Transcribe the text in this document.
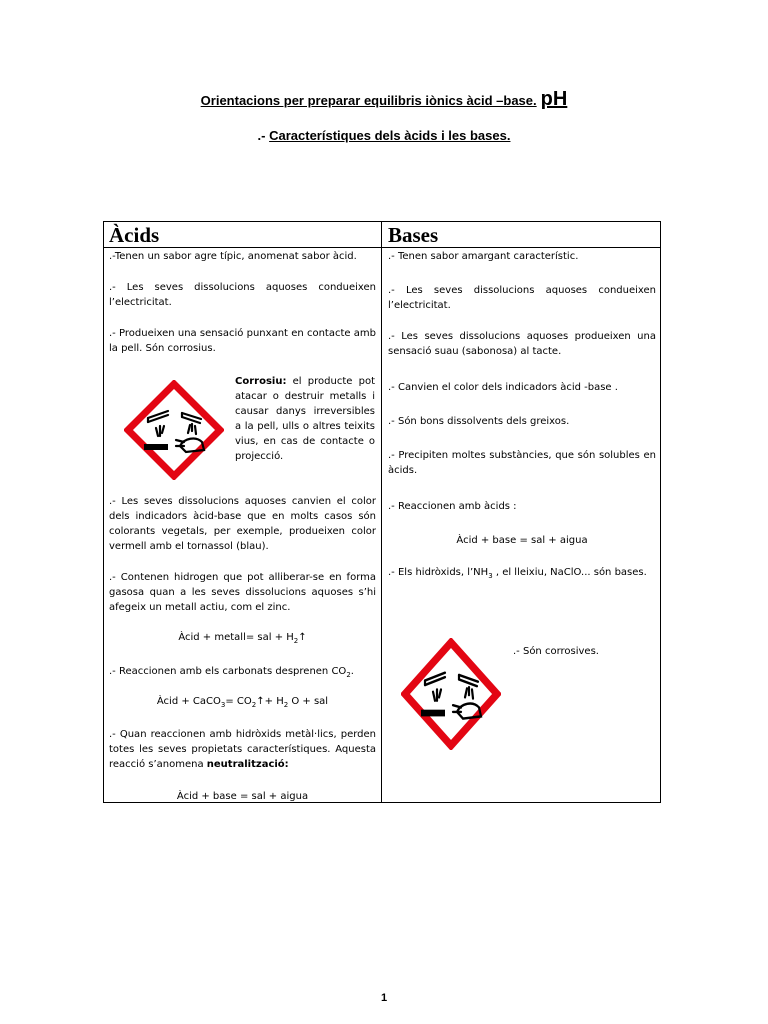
Orientacions per preparar equilibris iònics àcid –base. pH
.- Característiques dels àcids i les bases.
Àcids	Bases
.-Tenen un sabor agre típic, anomenat sabor àcid.
.- Les seves dissolucions aquoses condueixen l’electricitat.
.- Produeixen una sensació punxant en contacte amb la pell. Són corrosius.
Corrosiu: el producte pot atacar o destruir metalls i causar danys irreversibles a la pell, ulls o altres teixits vius, en cas de contacte o projecció.
.- Les seves dissolucions aquoses canvien el color dels indicadors àcid-base que en molts casos són colorants vegetals, per exemple, produeixen color vermell amb el tornassol (blau).
.- Contenen hidrogen que pot alliberar-se en forma gasosa quan a les seves dissolucions aquoses s’hi afegeix un metall actiu, com el zinc.
Àcid + metall= sal + $H_2↑$
.- Reaccionen amb els carbonats desprenen $CO_2$.
Àcid + CaCO$_3$= $CO_2↑+ H_2$ O + sal
.- Quan reaccionen amb hidròxids metàl·lics, perden totes les seves propietats característiques. Aquesta reacció s’anomena neutralització:
Àcid + base = sal + aigua
.- Tenen sabor amargant característic.
.- Les seves dissolucions aquoses condueixen l’electricitat.
.- Les seves dissolucions aquoses produeixen una sensació suau (sabonosa) al tacte.
.- Canvien el color dels indicadors àcid -base .
.- Són bons dissolvents dels greixos.
.- Precipiten moltes substàncies, que són solubles en àcids.
.- Reaccionen amb àcids :
Àcid + base = sal + aigua
.- Els hidròxids, $l’NH_3$ , el lleixiu, NaClO... són bases.
.- Són corrosives.
1
